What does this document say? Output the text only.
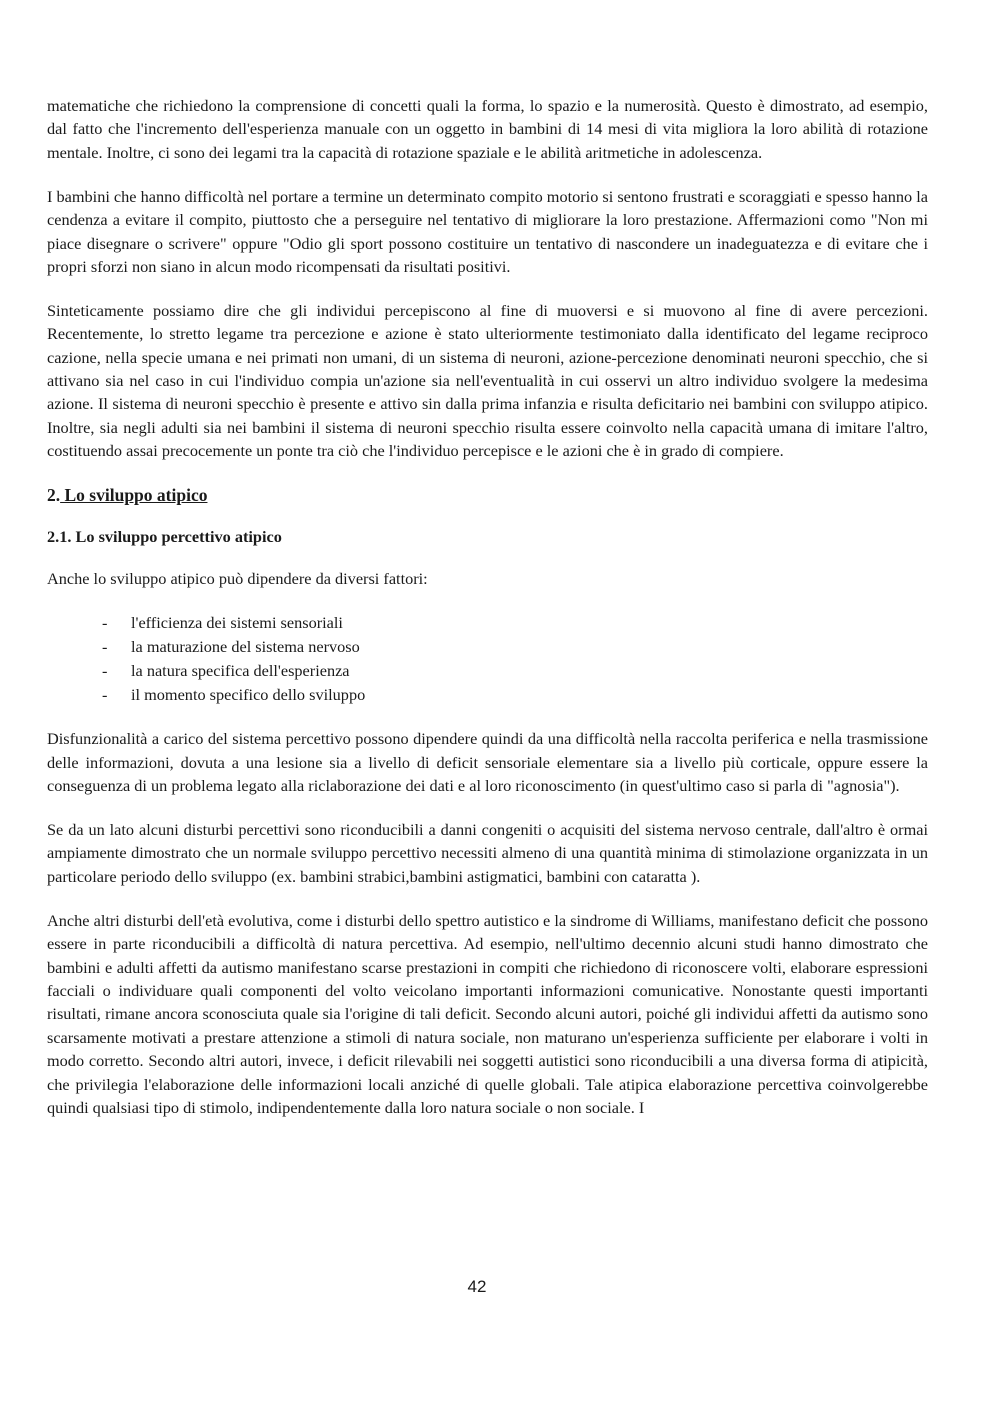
matematiche che richiedono la comprensione di concetti quali la forma, lo spazio e la numerosità. Questo è dimostrato, ad esempio, dal fatto che l'incremento dell'esperienza manuale con un oggetto in bambini di 14 mesi di vita migliora la loro abilità di rotazione mentale. Inoltre, ci sono dei legami tra la capacità di rotazione spaziale e le abilità aritmetiche in adolescenza.

I bambini che hanno difficoltà nel portare a termine un determinato compito motorio si sentono frustrati e scoraggiati e spesso hanno la cendenza a evitare il compito, piuttosto che a perseguire nel tentativo di migliorare la loro prestazione. Affermazioni como "Non mi piace disegnare o scrivere" oppure "Odio gli sport possono costituire un tentativo di nascondere un inadeguatezza e di evitare che i propri sforzi non siano in alcun modo ricompensati da risultati positivi.

Sinteticamente possiamo dire che gli individui percepiscono al fine di muoversi e si muovono al fine di avere percezioni. Recentemente, lo stretto legame tra percezione e azione è stato ulteriormente testimoniato dalla identificato del legame reciproco cazione, nella specie umana e nei primati non umani, di un sistema di neuroni, azione-percezione denominati neuroni specchio, che si attivano sia nel caso in cui l'individuo compia un'azione sia nell'eventualità in cui osservi un altro individuo svolgere la medesima azione. Il sistema di neuroni specchio è presente e attivo sin dalla prima infanzia e risulta deficitario nei bambini con sviluppo atipico. Inoltre, sia negli adulti sia nei bambini il sistema di neuroni specchio risulta essere coinvolto nella capacità umana di imitare l'altro, costituendo assai precocemente un ponte tra ciò che l'individuo percepisce e le azioni che è in grado di compiere.

2. Lo sviluppo atipico
2.1. Lo sviluppo percettivo atipico

Anche lo sviluppo atipico può dipendere da diversi fattori:

-	l'efficienza dei sistemi sensoriali
-	la maturazione del sistema nervoso
-	la natura specifica dell'esperienza
-	il momento specifico dello sviluppo

Disfunzionalità a carico del sistema percettivo possono dipendere quindi da una difficoltà nella raccolta periferica e nella trasmissione delle informazioni, dovuta a una lesione sia a livello di deficit sensoriale elementare sia a livello più corticale, oppure essere la conseguenza di un problema legato alla riclaborazione dei dati e al loro riconoscimento (in quest'ultimo caso si parla di "agnosia").

Se da un lato alcuni disturbi percettivi sono riconducibili a danni congeniti o acquisiti del sistema nervoso centrale, dall'altro è ormai ampiamente dimostrato che un normale sviluppo percettivo necessiti almeno di una quantità minima di stimolazione organizzata in un particolare periodo dello sviluppo (ex. bambini strabici,bambini astigmatici, bambini con cataratta ).

Anche altri disturbi dell'età evolutiva, come i disturbi dello spettro autistico e la sindrome di Williams, manifestano deficit che possono essere in parte riconducibili a difficoltà di natura percettiva. Ad esempio, nell'ultimo decennio alcuni studi hanno dimostrato che bambini e adulti affetti da autismo manifestano scarse prestazioni in compiti che richiedono di riconoscere volti, elaborare espressioni facciali o individuare quali componenti del volto veicolano importanti informazioni comunicative. Nonostante questi importanti risultati, rimane ancora sconosciuta quale sia l'origine di tali deficit. Secondo alcuni autori, poiché gli individui affetti da autismo sono scarsamente motivati a prestare attenzione a stimoli di natura sociale, non maturano un'esperienza sufficiente per elaborare i volti in modo corretto. Secondo altri autori, invece, i deficit rilevabili nei soggetti autistici sono riconducibili a una diversa forma di atipicità, che privilegia l'elaborazione delle informazioni locali anziché di quelle globali. Tale atipica elaborazione percettiva coinvolgerebbe quindi qualsiasi tipo di stimolo, indipendentemente dalla loro natura sociale o non sociale. I

42
